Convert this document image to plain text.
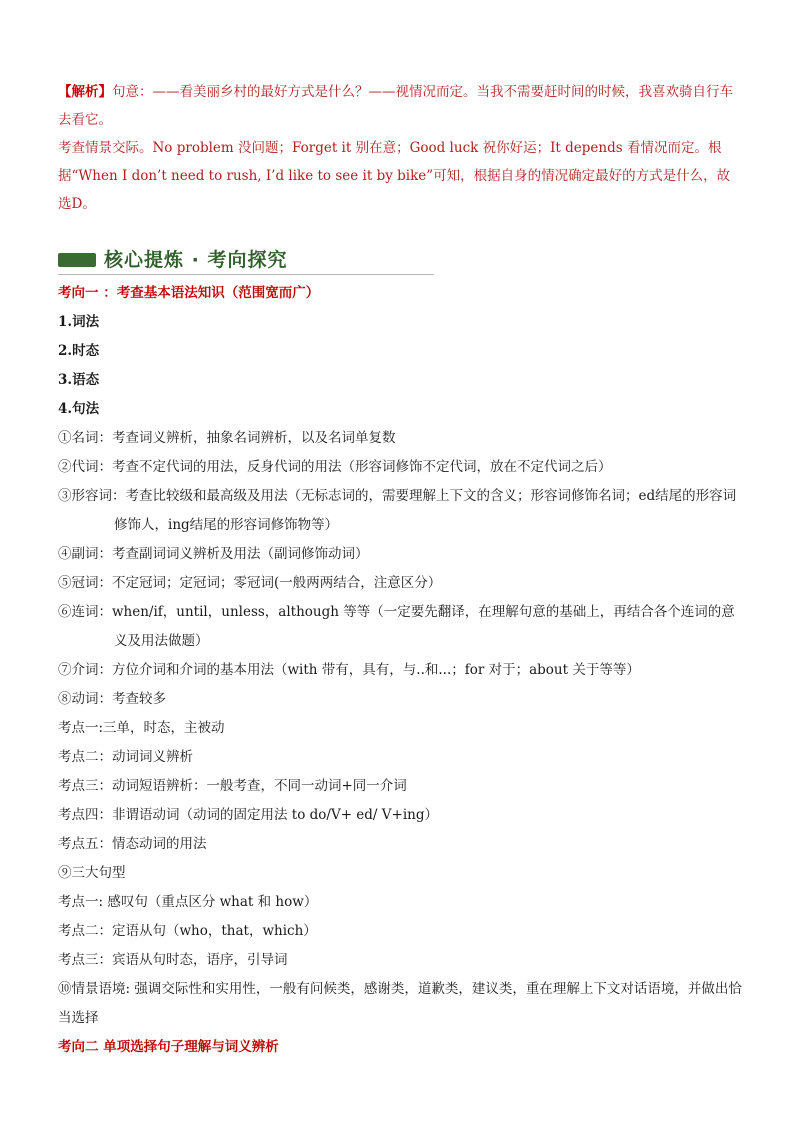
【解析】句意：——看美丽乡村的最好方式是什么？——视情况而定。当我不需要赶时间的时候，我喜欢骑自行车去看它。

考查情景交际。No problem 没问题；Forget it 别在意；Good luck 祝你好运；It depends 看情况而定。根据“When I don’t need to rush, I’d like to see it by bike”可知，根据自身的情况确定最好的方式是什么，故选D。

核心提炼 · 考向探究
考向一 ：考查基本语法知识（范围宽而广）
1.词法
2.时态
3.语态
4.句法
①名词：考查词义辨析，抽象名词辨析，以及名词单复数
②代词：考查不定代词的用法，反身代词的用法（形容词修饰不定代词，放在不定代词之后）
③形容词：考查比较级和最高级及用法（无标志词的，需要理解上下文的含义；形容词修饰名词；ed结尾的形容词修饰人，ing结尾的形容词修饰物等）
④副词：考查副词词义辨析及用法（副词修饰动词）
⑤冠词：不定冠词；定冠词；零冠词(一般两两结合，注意区分）
⑥连词：when/if，until，unless，although 等等（一定要先翻译，在理解句意的基础上，再结合各个连词的意义及用法做题）
⑦介词：方位介词和介词的基本用法（with 带有，具有，与..和...；for 对于；about 关于等等）
⑧动词：考查较多
考点一:三单，时态，主被动
考点二：动词词义辨析
考点三：动词短语辨析：一般考查，不同一动词+同一介词
考点四：非谓语动词（动词的固定用法 to do/V+ ed/ V+ing）
考点五：情态动词的用法
⑨三大句型
考点一: 感叹句（重点区分 what 和 how）
考点二：定语从句（who，that，which）
考点三：宾语从句时态，语序，引导词
⑩情景语境: 强调交际性和实用性，一般有问候类，感谢类，道歉类，建议类，重在理解上下文对话语境，并做出恰当选择
考向二 单项选择句子理解与词义辨析
